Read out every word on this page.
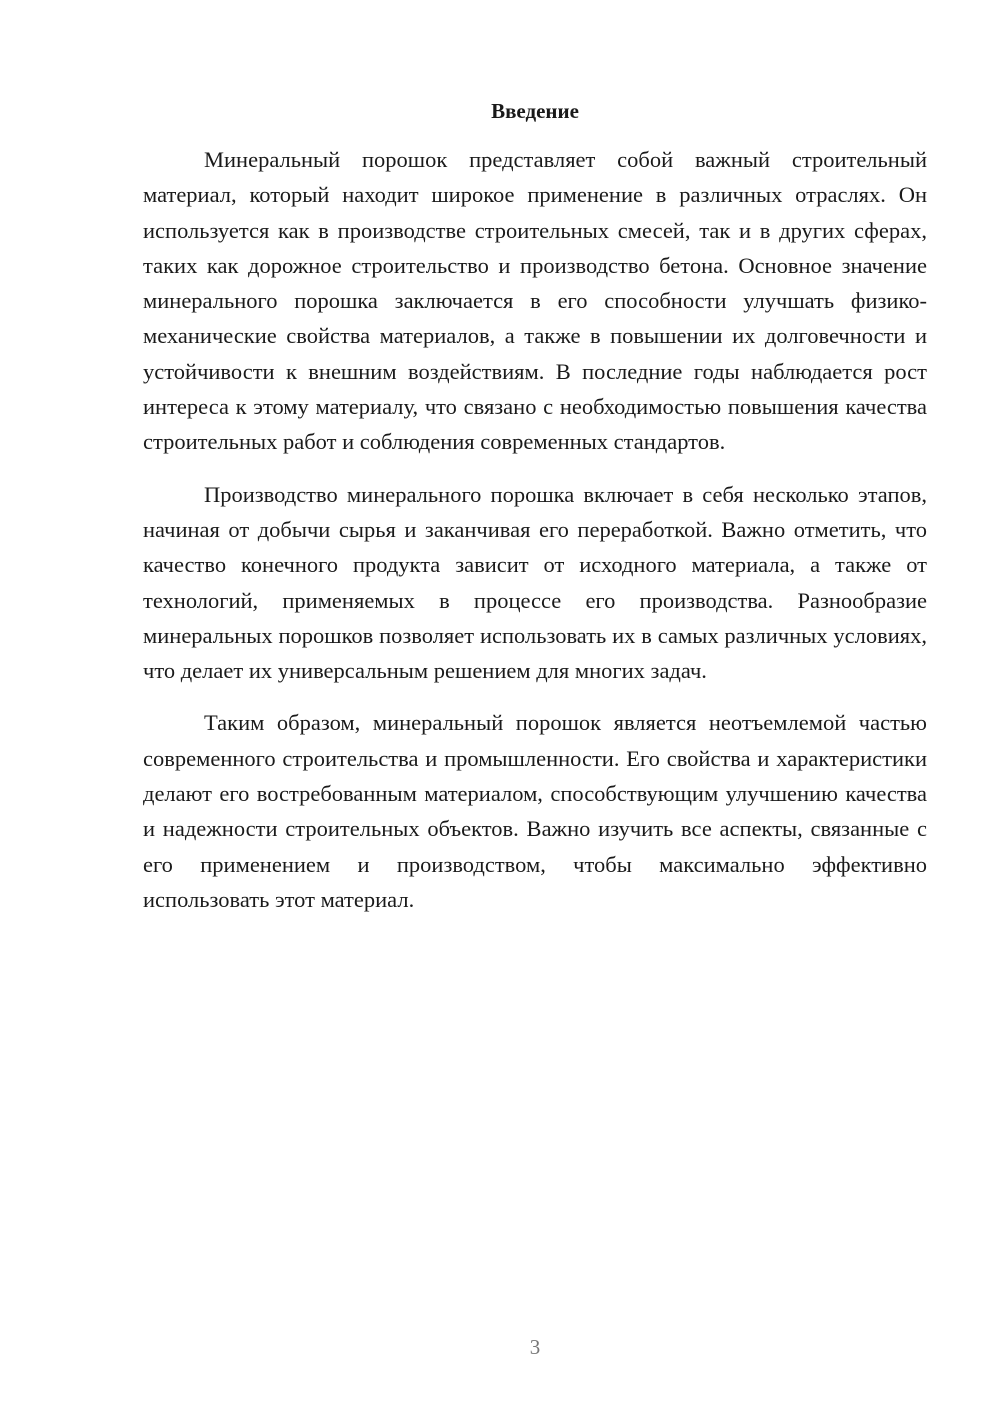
Введение

Минеральный порошок представляет собой важный строительный материал, который находит широкое применение в различных отраслях. Он используется как в производстве строительных смесей, так и в других сферах, таких как дорожное строительство и производство бетона. Основное значение минерального порошка заключается в его способности улучшать физико-механические свойства материалов, а также в повышении их долговечности и устойчивости к внешним воздействиям. В последние годы наблюдается рост интереса к этому материалу, что связано с необходимостью повышения качества строительных работ и соблюдения современных стандартов.

Производство минерального порошка включает в себя несколько этапов, начиная от добычи сырья и заканчивая его переработкой. Важно отметить, что качество конечного продукта зависит от исходного материала, а также от технологий, применяемых в процессе его производства. Разнообразие минеральных порошков позволяет использовать их в самых различных условиях, что делает их универсальным решением для многих задач.

Таким образом, минеральный порошок является неотъемлемой частью современного строительства и промышленности. Его свойства и характеристики делают его востребованным материалом, способствующим улучшению качества и надежности строительных объектов. Важно изучить все аспекты, связанные с его применением и производством, чтобы максимально эффективно использовать этот материал.

3
